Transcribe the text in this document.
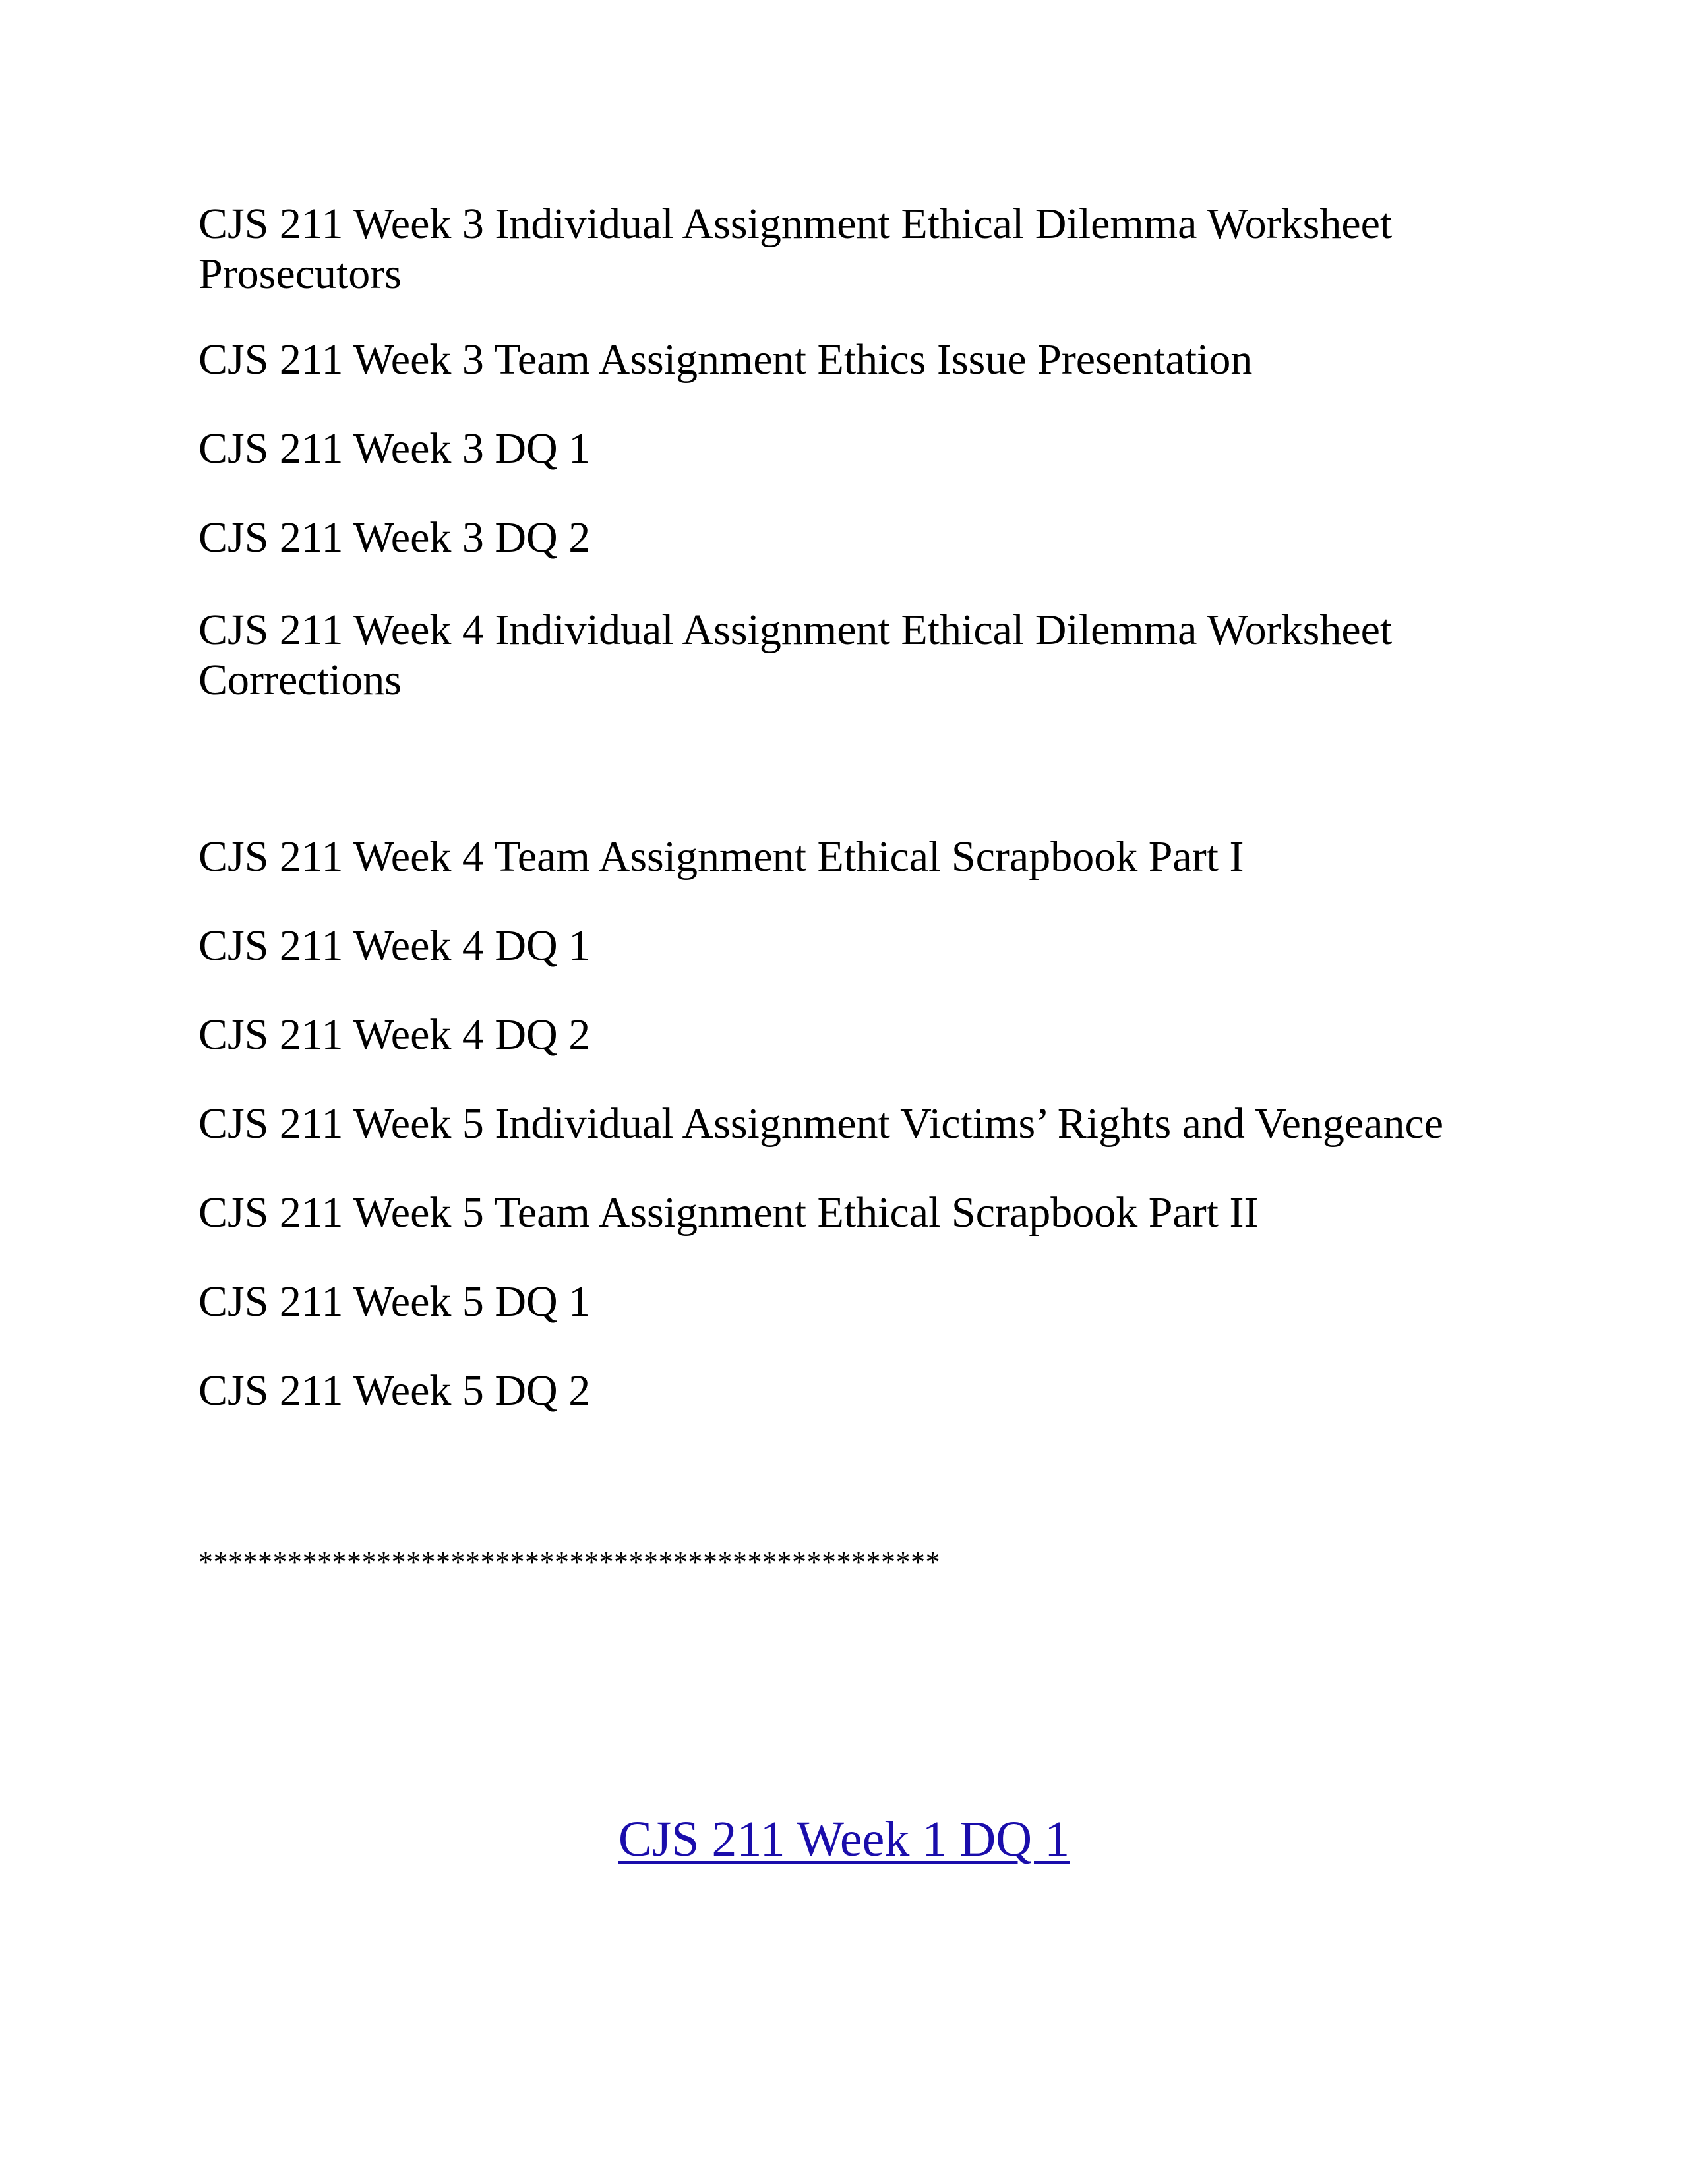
CJS 211 Week 3 Individual Assignment Ethical Dilemma Worksheet
Prosecutors
CJS 211 Week 3 Team Assignment Ethics Issue Presentation
CJS 211 Week 3 DQ 1
CJS 211 Week 3 DQ 2
CJS 211 Week 4 Individual Assignment Ethical Dilemma Worksheet
Corrections
CJS 211 Week 4 Team Assignment Ethical Scrapbook Part I
CJS 211 Week 4 DQ 1
CJS 211 Week 4 DQ 2
CJS 211 Week 5 Individual Assignment Victims’ Rights and Vengeance
CJS 211 Week 5 Team Assignment Ethical Scrapbook Part II
CJS 211 Week 5 DQ 1
CJS 211 Week 5 DQ 2
**************************************************
CJS 211 Week 1 DQ 1
